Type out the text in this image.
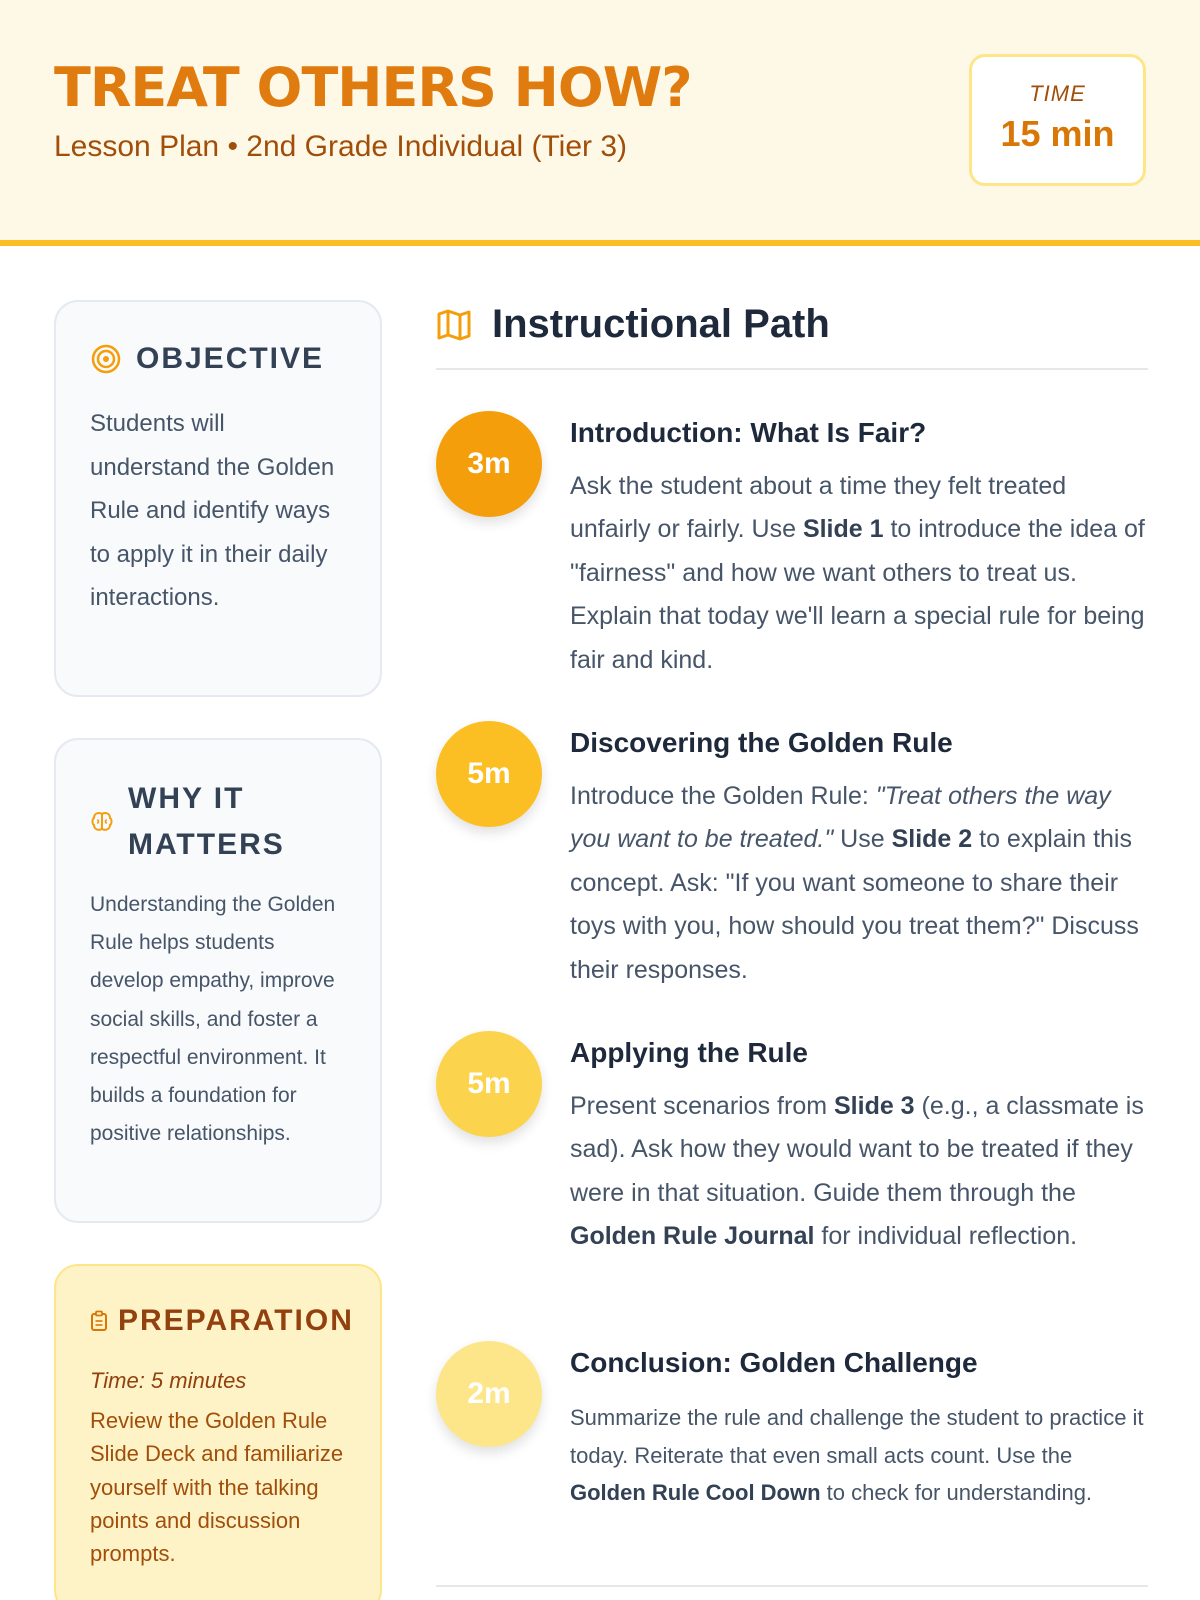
TREAT OTHERS HOW?
Lesson Plan • 2nd Grade Individual (Tier 3)
TIME
15 min
OBJECTIVE
Students will understand the Golden Rule and identify ways to apply it in their daily interactions.
WHY IT MATTERS
Understanding the Golden Rule helps students develop empathy, improve social skills, and foster a respectful environment. It builds a foundation for positive relationships.
PREPARATION
Time: 5 minutes
Review the Golden Rule Slide Deck and familiarize yourself with the talking points and discussion prompts.
Instructional Path
3m
Introduction: What Is Fair?
Ask the student about a time they felt treated unfairly or fairly. Use Slide 1 to introduce the idea of "fairness" and how we want others to treat us. Explain that today we'll learn a special rule for being fair and kind.
5m
Discovering the Golden Rule
Introduce the Golden Rule: "Treat others the way you want to be treated." Use Slide 2 to explain this concept. Ask: "If you want someone to share their toys with you, how should you treat them?" Discuss their responses.
5m
Applying the Rule
Present scenarios from Slide 3 (e.g., a classmate is sad). Ask how they would want to be treated if they were in that situation. Guide them through the Golden Rule Journal for individual reflection.
2m
Conclusion: Golden Challenge
Summarize the rule and challenge the student to practice it today. Reiterate that even small acts count. Use the Golden Rule Cool Down to check for understanding.
